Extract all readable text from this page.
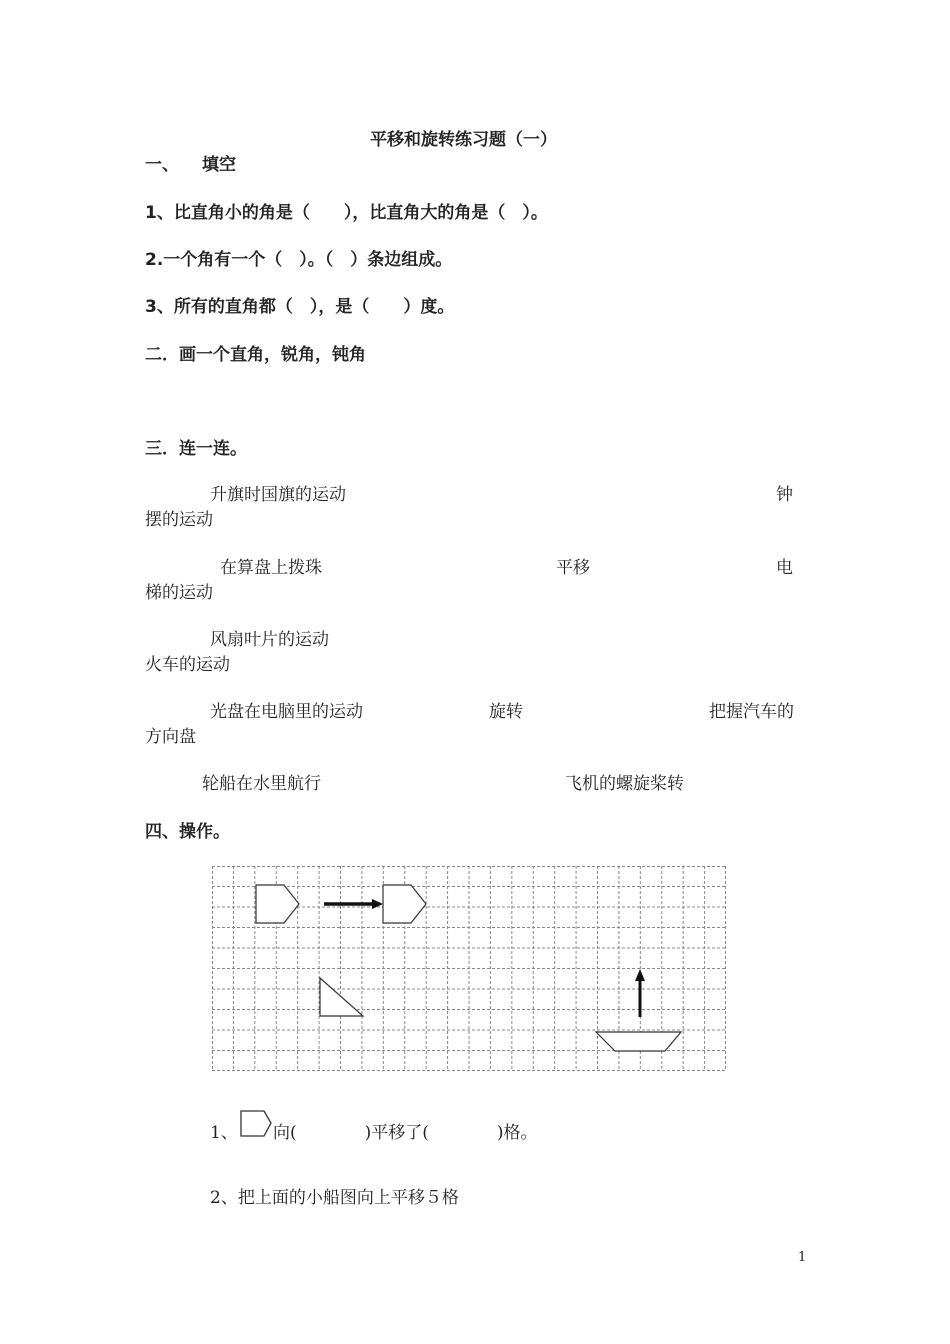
平移和旋转练习题（一）
一、 填空
1、比直角小的角是（　　），比直角大的角是（　）。
2.一个角有一个（　）。（　）条边组成。
3、所有的直角都（　），是（　　）度。
二．画一个直角，锐角，钝角
三．连一连。
升旗时国旗的运动	钟
摆的运动
在算盘上拨珠	平移	电
梯的运动
风扇叶片的运动
火车的运动
光盘在电脑里的运动	旋转	把握汽车的
方向盘
轮船在水里航行	飞机的螺旋桨转
四、操作。
1、 向(　　　　)平移了(　　　　)格。
2、把上面的小船图向上平移５格
1
